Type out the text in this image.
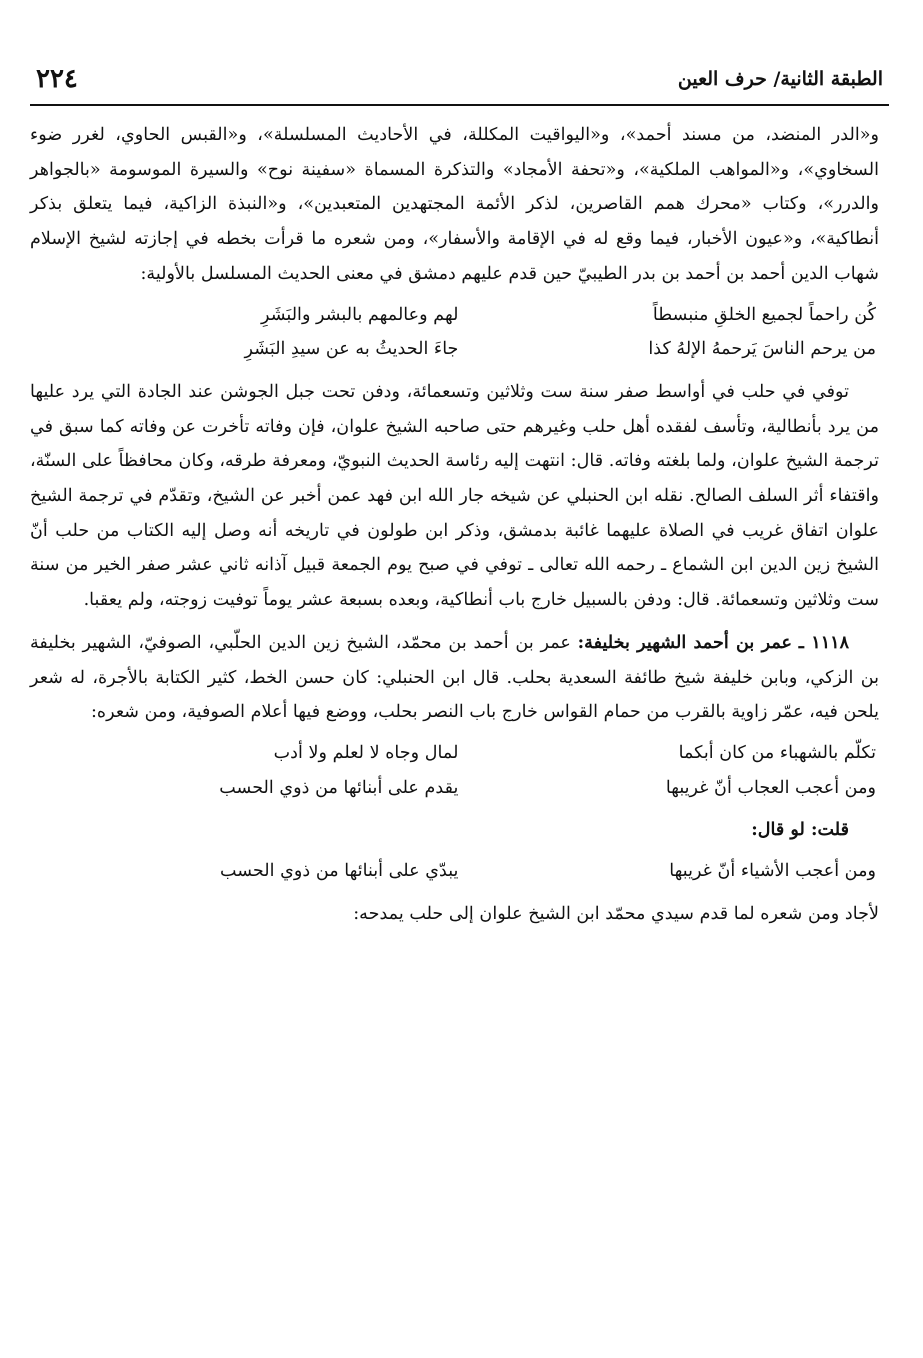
الطبقة الثانية/ حرف العين
٢٢٤

و«الدر المنضد، من مسند أحمد»، و«اليواقيت المكللة، في الأحاديث المسلسلة»، و«القبس الحاوي، لغرر ضوء السخاوي»، و«المواهب الملكية»، و«تحفة الأمجاد» والتذكرة المسماة «سفينة نوح» والسيرة الموسومة «بالجواهر والدرر»، وكتاب «محرك همم القاصرين، لذكر الأئمة المجتهدين المتعبدين»، و«النبذة الزاكية، فيما يتعلق بذكر أنطاكية»، و«عيون الأخبار، فيما وقع له في الإقامة والأسفار»، ومن شعره ما قرأت بخطه في إجازته لشيخ الإسلام شهاب الدين أحمد بن أحمد بن بدر الطيبيّ حين قدم عليهم دمشق في معنى الحديث المسلسل بالأولية:

كُن راحماً لجميع الخلقِ منبسطاً
لهم وعالمهم بالبشر والبَشَرِ
من يرحم الناسَ يَرحمهُ الإلهُ كذا
جاءَ الحديثُ به عن سيدِ البَشَرِ

توفي في حلب في أواسط صفر سنة ست وثلاثين وتسعمائة، ودفن تحت جبل الجوشن عند الجادة التي يرد عليها من يرد بأنطالية، وتأسف لفقده أهل حلب وغيرهم حتى صاحبه الشيخ علوان، فإن وفاته تأخرت عن وفاته كما سبق في ترجمة الشيخ علوان، ولما بلغته وفاته. قال: انتهت إليه رئاسة الحديث النبويّ، ومعرفة طرقه، وكان محافظاً على السنّة، واقتفاء أثر السلف الصالح. نقله ابن الحنبلي عن شيخه جار الله ابن فهد عمن أخبر عن الشيخ، وتقدّم في ترجمة الشيخ علوان اتفاق غريب في الصلاة عليهما غائبة بدمشق، وذكر ابن طولون في تاريخه أنه وصل إليه الكتاب من حلب أنّ الشيخ زين الدين ابن الشماع ـ رحمه الله تعالى ـ توفي في صبح يوم الجمعة قبيل آذانه ثاني عشر صفر الخير من سنة ست وثلاثين وتسعمائة. قال: ودفن بالسبيل خارج باب أنطاكية، وبعده بسبعة عشر يوماً توفيت زوجته، ولم يعقبا.

١١١٨ ـ عمر بن أحمد الشهير بخليفة: عمر بن أحمد بن محمّد، الشيخ زين الدين الحلّبي، الصوفيّ، الشهير بخليفة بن الزكي، وبابن خليفة شيخ طائفة السعدية بحلب. قال ابن الحنبلي: كان حسن الخط، كثير الكتابة بالأجرة، له شعر يلحن فيه، عمّر زاوية بالقرب من حمام القواس خارج باب النصر بحلب، ووضع فيها أعلام الصوفية، ومن شعره:

تكلّم بالشهباء من كان أبكما
لمال وجاه لا لعلم ولا أدب
ومن أعجب العجاب أنّ غريبها
يقدم على أبنائها من ذوي الحسب

قلت: لو قال:

ومن أعجب الأشياء أنّ غريبها
يبدّي على أبنائها من ذوي الحسب

لأجاد ومن شعره لما قدم سيدي محمّد ابن الشيخ علوان إلى حلب يمدحه:
